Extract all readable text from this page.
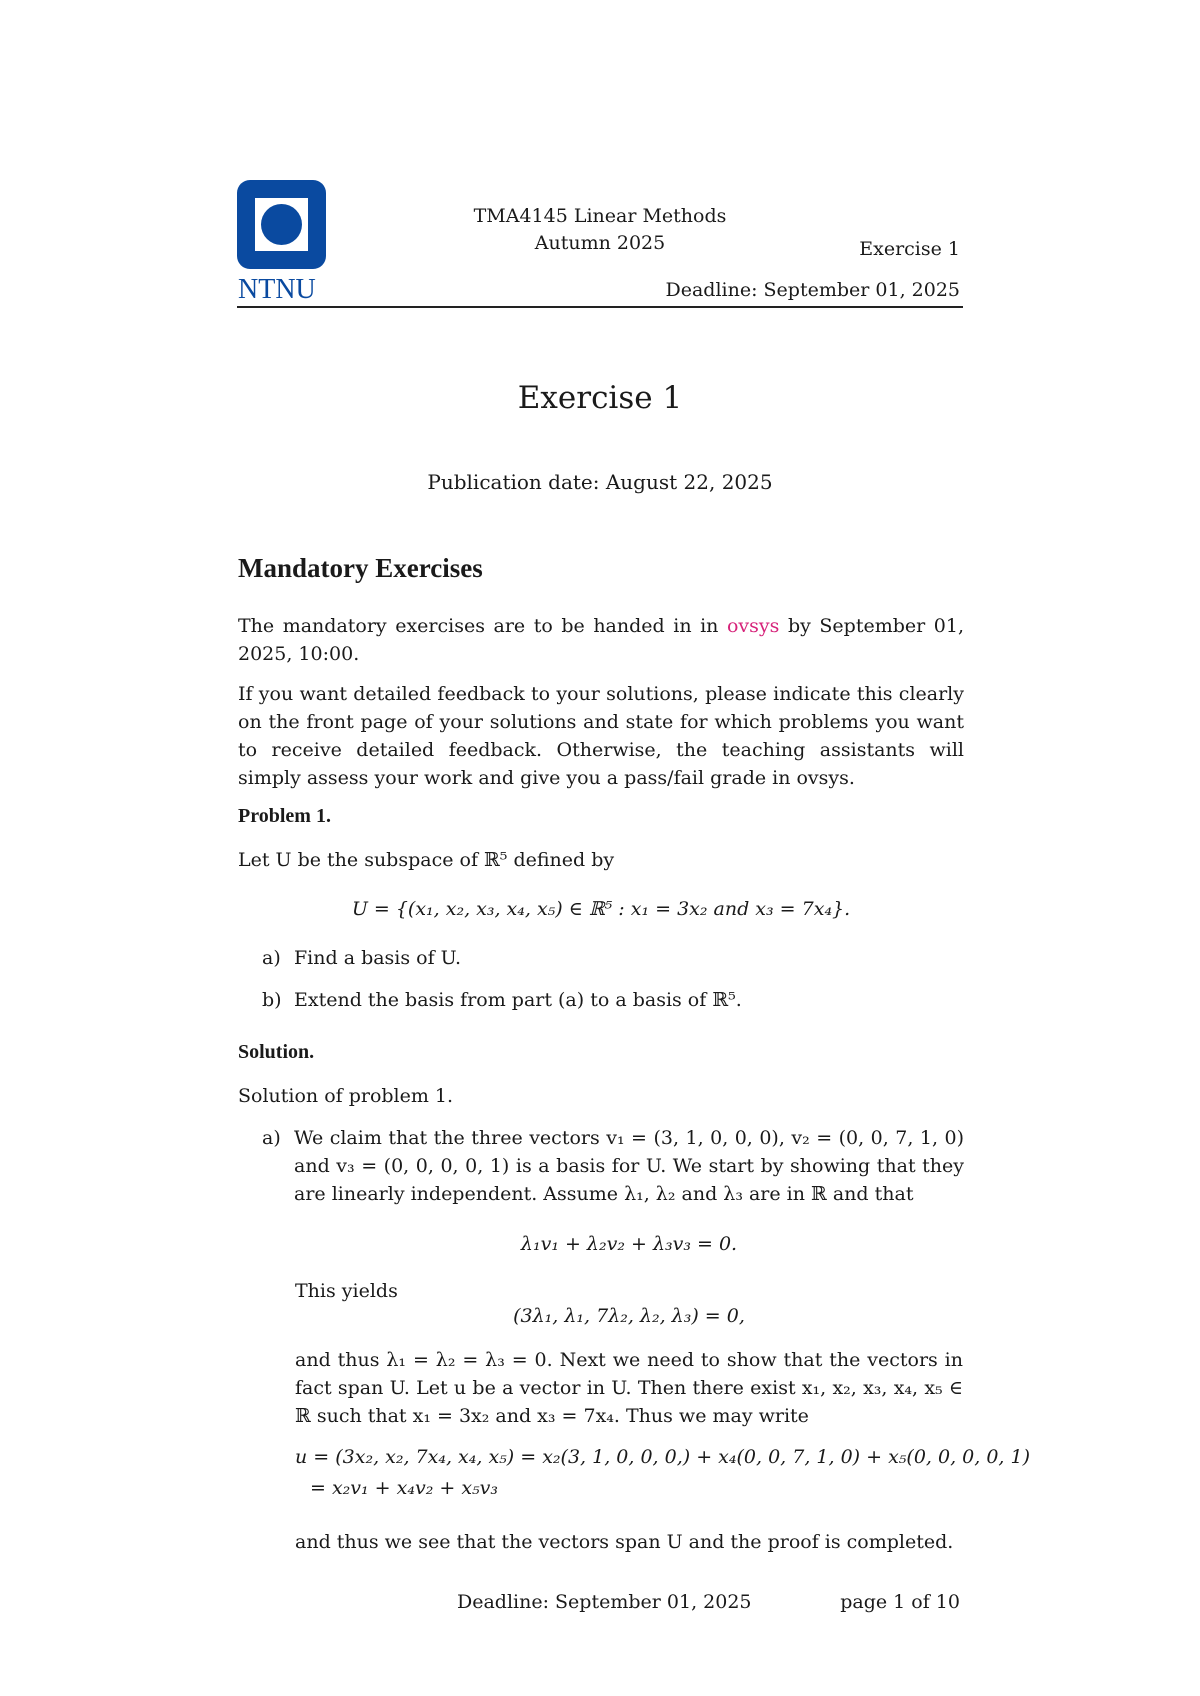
NTNU
TMA4145 Linear Methods
Autumn 2025	Exercise 1
Deadline: September 01, 2025
Exercise 1
Publication date: August 22, 2025
Mandatory Exercises
The mandatory exercises are to be handed in in ovsys by September 01, 2025, 10:00.
If you want detailed feedback to your solutions, please indicate this clearly on the front page of your solutions and state for which problems you want to receive detailed feedback. Otherwise, the teaching assistants will simply assess your work and give you a pass/fail grade in ovsys.
Problem 1.
Let U be the subspace of ℝ⁵ defined by
U = {(x₁, x₂, x₃, x₄, x₅) ∈ ℝ⁵ : x₁ = 3x₂ and x₃ = 7x₄}.
a) Find a basis of U.
b) Extend the basis from part (a) to a basis of ℝ⁵.
Solution.
Solution of problem 1.
a) We claim that the three vectors v₁ = (3, 1, 0, 0, 0), v₂ = (0, 0, 7, 1, 0) and v₃ = (0, 0, 0, 0, 1) is a basis for U. We start by showing that they are linearly independent. Assume λ₁, λ₂ and λ₃ are in ℝ and that
λ₁v₁ + λ₂v₂ + λ₃v₃ = 0.
This yields
(3λ₁, λ₁, 7λ₂, λ₂, λ₃) = 0,
and thus λ₁ = λ₂ = λ₃ = 0. Next we need to show that the vectors in fact span U. Let u be a vector in U. Then there exist x₁, x₂, x₃, x₄, x₅ ∈ ℝ such that x₁ = 3x₂ and x₃ = 7x₄. Thus we may write
u = (3x₂, x₂, 7x₄, x₄, x₅) = x₂(3, 1, 0, 0, 0,) + x₄(0, 0, 7, 1, 0) + x₅(0, 0, 0, 0, 1)
= x₂v₁ + x₄v₂ + x₅v₃
and thus we see that the vectors span U and the proof is completed.
Deadline: September 01, 2025	page 1 of 10
